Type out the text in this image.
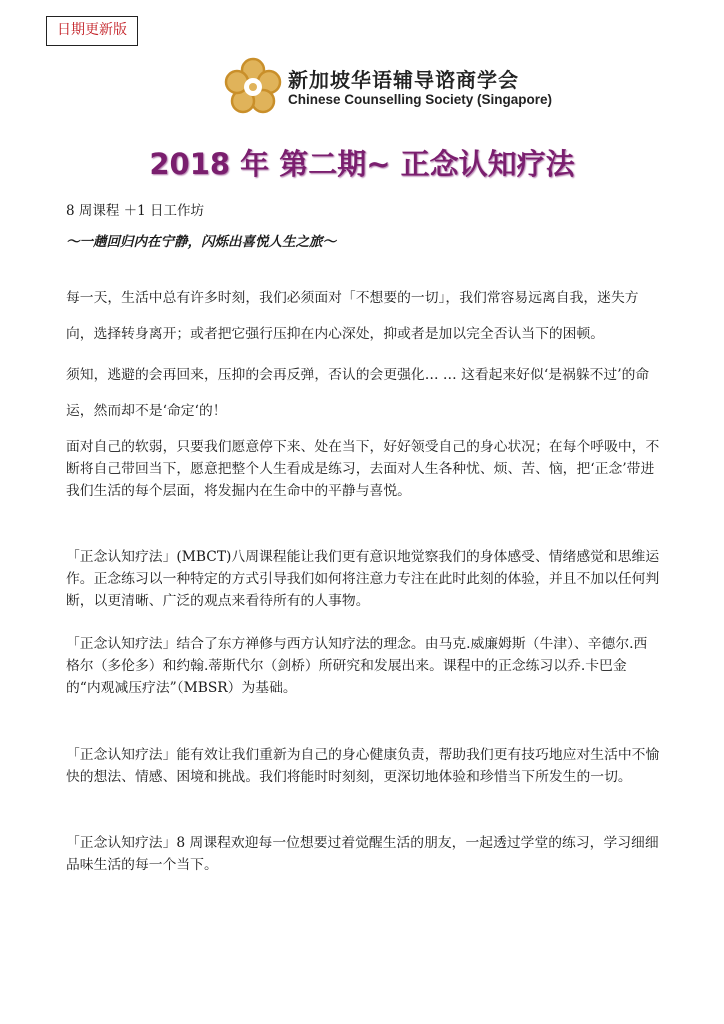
日期更新版
新加坡华语辅导谘商学会
Chinese Counselling Society (Singapore)
2018 年 第二期~ 正念认知疗法
8 周课程 ＋1 日工作坊
～一趟回归内在宁静，闪烁出喜悦人生之旅～

每一天，生活中总有许多时刻，我们必须面对「不想要的一切」，我们常容易远离自我，迷失方向，选择转身离开；或者把它强行压抑在内心深处，抑或者是加以完全否认当下的困顿。

须知，逃避的会再回来，压抑的会再反弹，否认的会更强化… … 这看起来好似‘是祸躲不过’的命运，然而却不是‘命定‘的！

面对自己的软弱，只要我们愿意停下来、处在当下，好好领受自己的身心状况；在每个呼吸中，不断将自己带回当下，愿意把整个人生看成是练习，去面对人生各种忧、烦、苦、恼，把‘正念’带进我们生活的每个层面，将发掘内在生命中的平静与喜悦。

「正念认知疗法」(MBCT)八周课程能让我们更有意识地觉察我们的身体感受、情绪感觉和思维运作。正念练习以一种特定的方式引导我们如何将注意力专注在此时此刻的体验，并且不加以任何判断，以更清晰、广泛的观点来看待所有的人事物。

「正念认知疗法」结合了东方禅修与西方认知疗法的理念。由马克.威廉姆斯（牛津）、辛德尔.西格尔（多伦多）和约翰.蒂斯代尔（剑桥）所研究和发展出来。课程中的正念练习以乔.卡巴金的“内观减压疗法”（MBSR）为基础。

「正念认知疗法」能有效让我们重新为自己的身心健康负责，帮助我们更有技巧地应对生活中不愉快的想法、情感、困境和挑战。我们将能时时刻刻，更深切地体验和珍惜当下所发生的一切。

「正念认知疗法」8 周课程欢迎每一位想要过着觉醒生活的朋友，一起透过学堂的练习，学习细细品味生活的每一个当下。
